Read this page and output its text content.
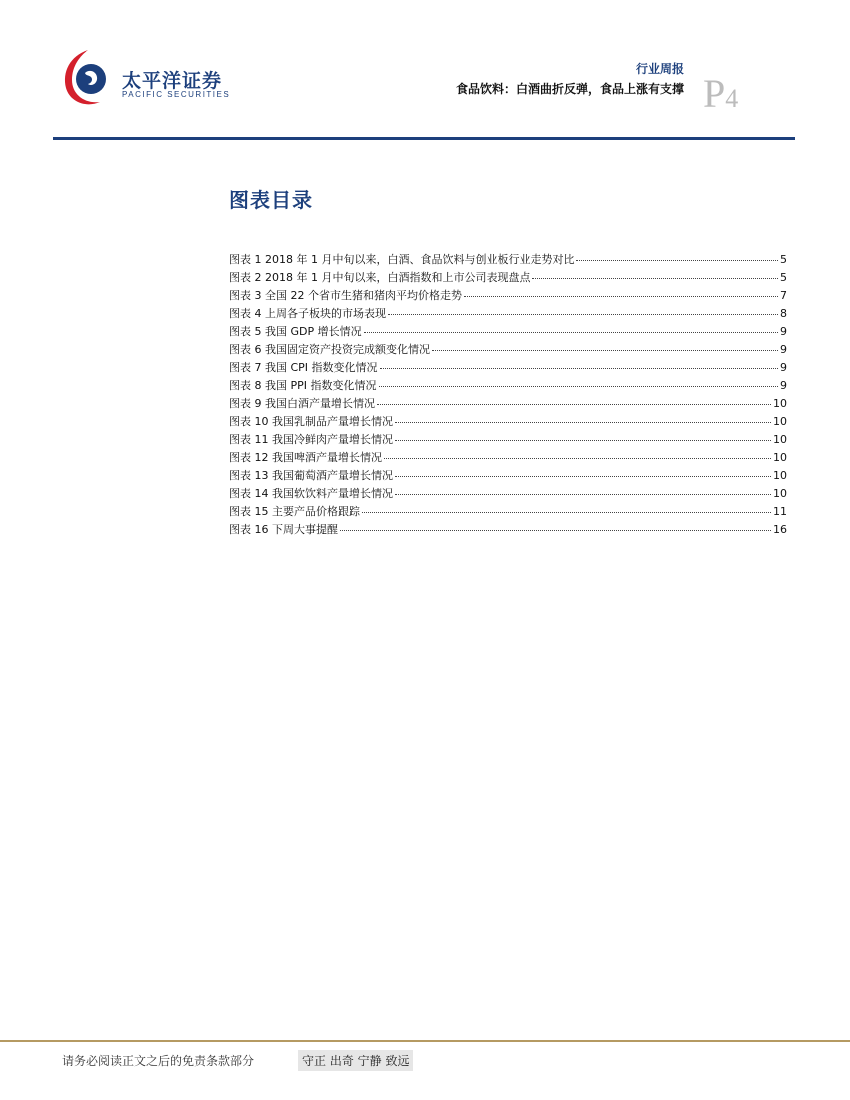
太平洋证券
PACIFIC SECURITIES
行业周报
食品饮料：白酒曲折反弹，食品上涨有支撑 P4
图表目录
图表 1 2018 年 1 月中旬以来，白酒、食品饮料与创业板行业走势对比	5
图表 2 2018 年 1 月中旬以来，白酒指数和上市公司表现盘点	5
图表 3 全国 22 个省市生猪和猪肉平均价格走势	7
图表 4 上周各子板块的市场表现	8
图表 5 我国 GDP 增长情况	9
图表 6 我国固定资产投资完成额变化情况	9
图表 7 我国 CPI 指数变化情况	9
图表 8 我国 PPI 指数变化情况	9
图表 9 我国白酒产量增长情况	10
图表 10 我国乳制品产量增长情况	10
图表 11 我国冷鲜肉产量增长情况	10
图表 12 我国啤酒产量增长情况	10
图表 13 我国葡萄酒产量增长情况	10
图表 14 我国软饮料产量增长情况	10
图表 15 主要产品价格跟踪	11
图表 16 下周大事提醒	16
请务必阅读正文之后的免责条款部分	守正 出奇 宁静 致远
